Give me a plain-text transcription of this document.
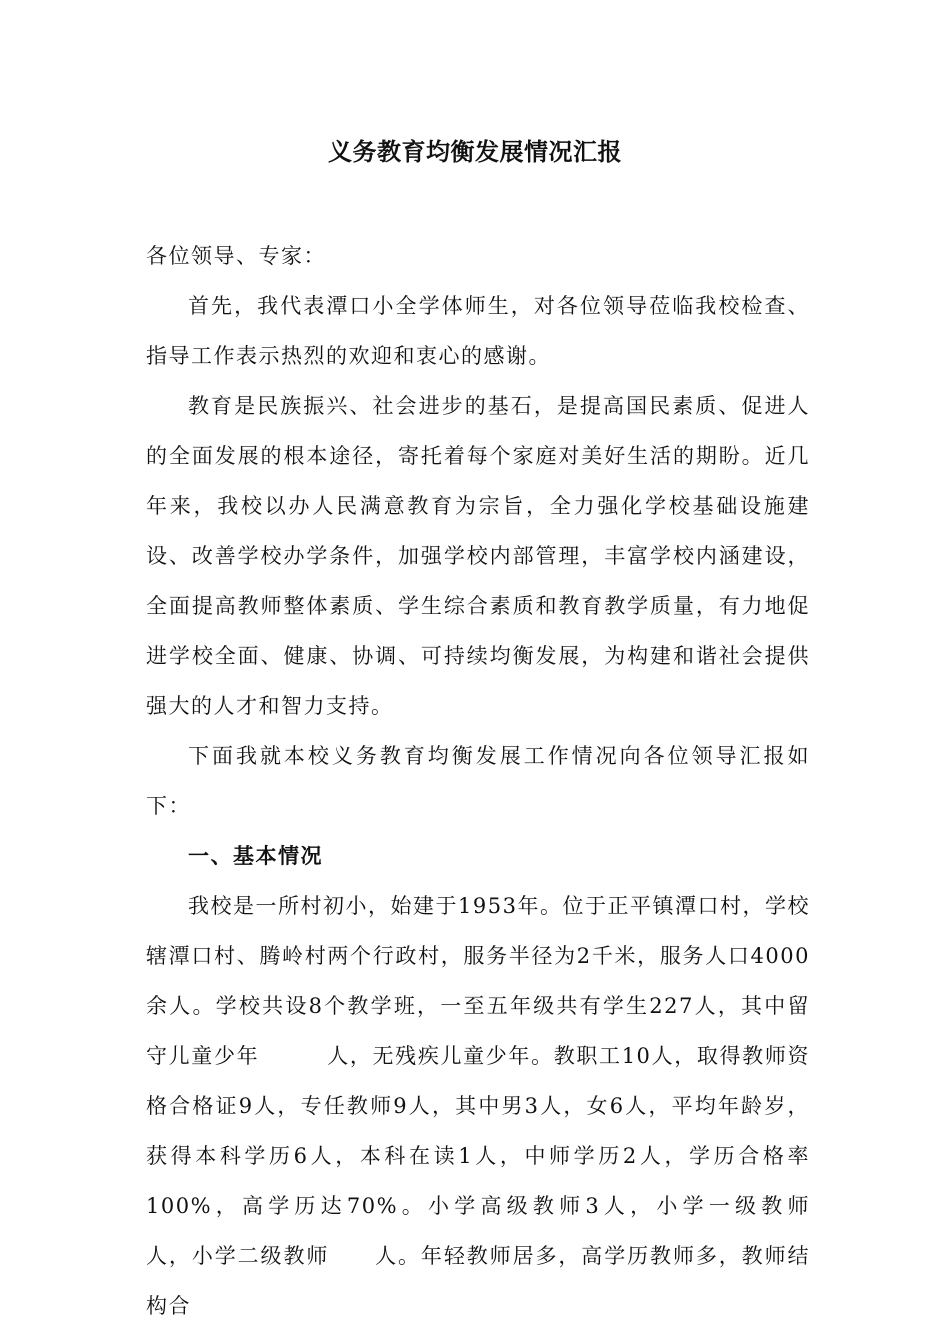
义务教育均衡发展情况汇报

各位领导、专家：

首先，我代表潭口小全学体师生，对各位领导莅临我校检查、指导工作表示热烈的欢迎和衷心的感谢。

教育是民族振兴、社会进步的基石，是提高国民素质、促进人的全面发展的根本途径，寄托着每个家庭对美好生活的期盼。近几年来，我校以办人民满意教育为宗旨，全力强化学校基础设施建设、改善学校办学条件，加强学校内部管理，丰富学校内涵建设，全面提高教师整体素质、学生综合素质和教育教学质量，有力地促进学校全面、健康、协调、可持续均衡发展，为构建和谐社会提供强大的人才和智力支持。

下面我就本校义务教育均衡发展工作情况向各位领导汇报如下：

一、基本情况

我校是一所村初小，始建于1953年。位于正平镇潭口村，学校辖潭口村、腾岭村两个行政村，服务半径为2千米，服务人口4000余人。学校共设8个教学班，一至五年级共有学生227人，其中留守儿童少年　　　人，无残疾儿童少年。教职工10人，取得教师资格合格证9人，专任教师9人，其中男3人，女6人，平均年龄岁，获得本科学历6人，本科在读1人，中师学历2人，学历合格率100%，高学历达70%。小学高级教师3人，小学一级教师　　人，小学二级教师　　人。年轻教师居多，高学历教师多，教师结构合
